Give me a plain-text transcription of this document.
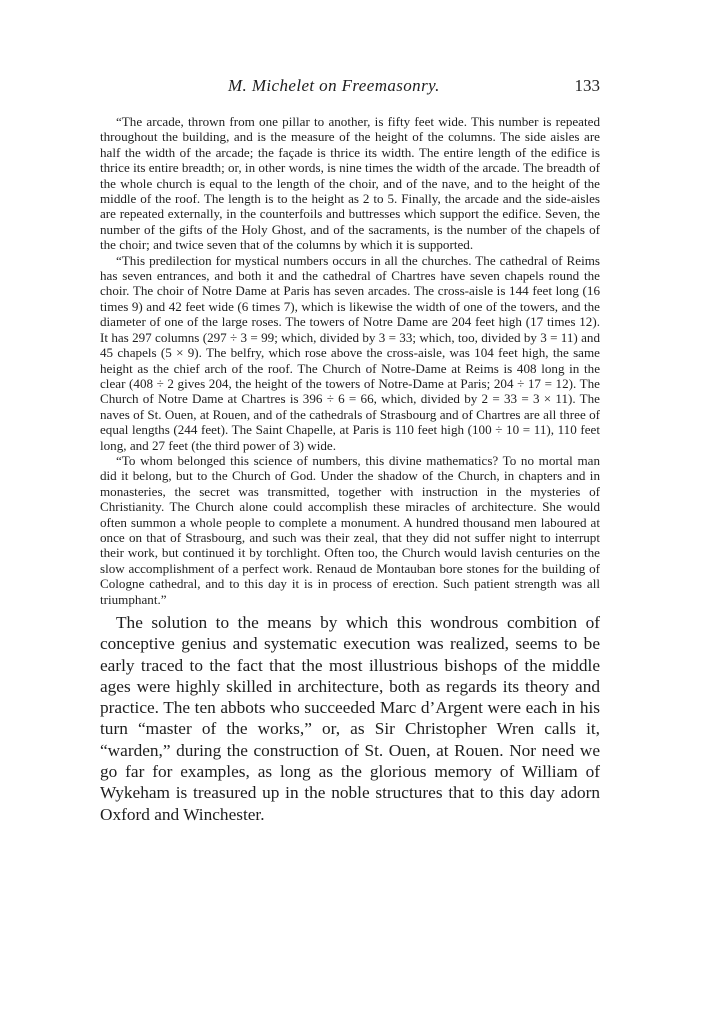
M. Michelet on Freemasonry.	133

“The arcade, thrown from one pillar to another, is fifty feet wide. This number is repeated throughout the building, and is the measure of the height of the columns. The side aisles are half the width of the arcade; the façade is thrice its width. The entire length of the edifice is thrice its entire breadth; or, in other words, is nine times the width of the arcade. The breadth of the whole church is equal to the length of the choir, and of the nave, and to the height of the middle of the roof. The length is to the height as 2 to 5. Finally, the arcade and the side-aisles are repeated externally, in the counterfoils and buttresses which support the edifice. Seven, the number of the gifts of the Holy Ghost, and of the sacraments, is the number of the chapels of the choir; and twice seven that of the columns by which it is supported.

“This predilection for mystical numbers occurs in all the churches. The cathedral of Reims has seven entrances, and both it and the cathedral of Chartres have seven chapels round the choir. The choir of Notre Dame at Paris has seven arcades. The cross-aisle is 144 feet long (16 times 9) and 42 feet wide (6 times 7), which is likewise the width of one of the towers, and the diameter of one of the large roses. The towers of Notre Dame are 204 feet high (17 times 12). It has 297 columns (297 ÷ 3 = 99; which, divided by 3 = 33; which, too, divided by 3 = 11) and 45 chapels (5 × 9). The belfry, which rose above the cross-aisle, was 104 feet high, the same height as the chief arch of the roof. The Church of Notre-Dame at Reims is 408 long in the clear (408 ÷ 2 gives 204, the height of the towers of Notre-Dame at Paris; 204 ÷ 17 = 12). The Church of Notre Dame at Chartres is 396 ÷ 6 = 66, which, divided by 2 = 33 = 3 × 11). The naves of St. Ouen, at Rouen, and of the cathedrals of Strasbourg and of Chartres are all three of equal lengths (244 feet). The Saint Chapelle, at Paris is 110 feet high (100 ÷ 10 = 11), 110 feet long, and 27 feet (the third power of 3) wide.

“To whom belonged this science of numbers, this divine mathematics? To no mortal man did it belong, but to the Church of God. Under the shadow of the Church, in chapters and in monasteries, the secret was transmitted, together with instruction in the mysteries of Christianity. The Church alone could accomplish these miracles of architecture. She would often summon a whole people to complete a monument. A hundred thousand men laboured at once on that of Strasbourg, and such was their zeal, that they did not suffer night to interrupt their work, but continued it by torchlight. Often too, the Church would lavish centuries on the slow accomplishment of a perfect work. Renaud de Montauban bore stones for the building of Cologne cathedral, and to this day it is in process of erection. Such patient strength was all triumphant.”

The solution to the means by which this wondrous combition of conceptive genius and systematic execution was realized, seems to be early traced to the fact that the most illustrious bishops of the middle ages were highly skilled in architecture, both as regards its theory and practice. The ten abbots who succeeded Marc d’Argent were each in his turn “master of the works,” or, as Sir Christopher Wren calls it, “warden,” during the construction of St. Ouen, at Rouen. Nor need we go far for examples, as long as the glorious memory of William of Wykeham is treasured up in the noble structures that to this day adorn Oxford and Winchester.
